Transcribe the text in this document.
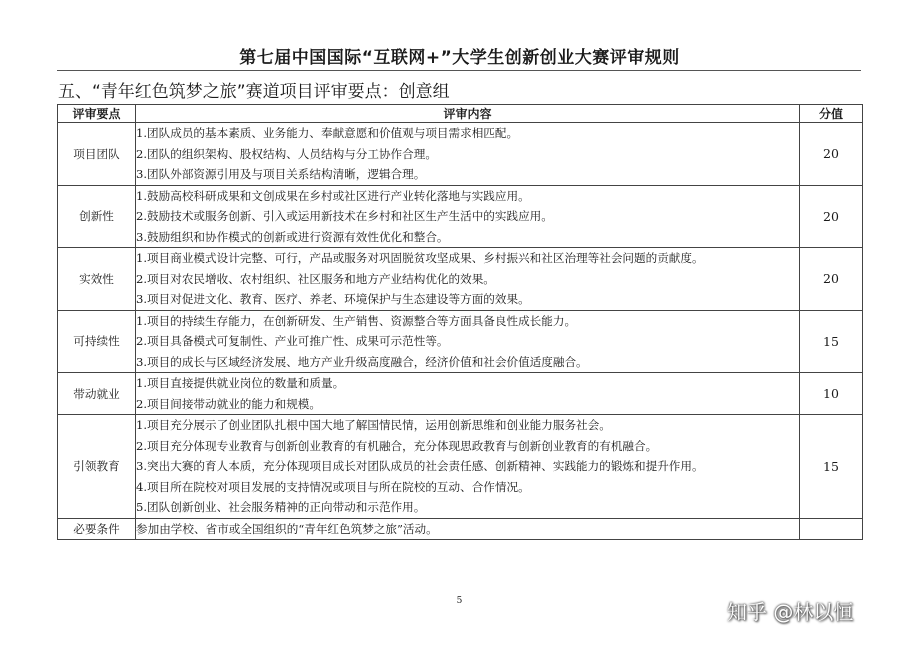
第七届中国国际“互联网+”大学生创新创业大赛评审规则
五、“青年红色筑梦之旅”赛道项目评审要点：创意组
评审要点	评审内容	分值
项目团队	1.团队成员的基本素质、业务能力、奉献意愿和价值观与项目需求相匹配。
2.团队的组织架构、股权结构、人员结构与分工协作合理。
3.团队外部资源引用及与项目关系结构清晰，逻辑合理。	20
创新性	1.鼓励高校科研成果和文创成果在乡村或社区进行产业转化落地与实践应用。
2.鼓励技术或服务创新、引入或运用新技术在乡村和社区生产生活中的实践应用。
3.鼓励组织和协作模式的创新或进行资源有效性优化和整合。	20
实效性	1.项目商业模式设计完整、可行，产品或服务对巩固脱贫攻坚成果、乡村振兴和社区治理等社会问题的贡献度。
2.项目对农民增收、农村组织、社区服务和地方产业结构优化的效果。
3.项目对促进文化、教育、医疗、养老、环境保护与生态建设等方面的效果。	20
可持续性	1.项目的持续生存能力，在创新研发、生产销售、资源整合等方面具备良性成长能力。
2.项目具备模式可复制性、产业可推广性、成果可示范性等。
3.项目的成长与区域经济发展、地方产业升级高度融合，经济价值和社会价值适度融合。	15
带动就业	1.项目直接提供就业岗位的数量和质量。
2.项目间接带动就业的能力和规模。	10
引领教育	1.项目充分展示了创业团队扎根中国大地了解国情民情，运用创新思维和创业能力服务社会。
2.项目充分体现专业教育与创新创业教育的有机融合，充分体现思政教育与创新创业教育的有机融合。
3.突出大赛的育人本质，充分体现项目成长对团队成员的社会责任感、创新精神、实践能力的锻炼和提升作用。
4.项目所在院校对项目发展的支持情况或项目与所在院校的互动、合作情况。
5.团队创新创业、社会服务精神的正向带动和示范作用。	15
必要条件	参加由学校、省市或全国组织的“青年红色筑梦之旅”活动。	

5	知乎 @林以恒
